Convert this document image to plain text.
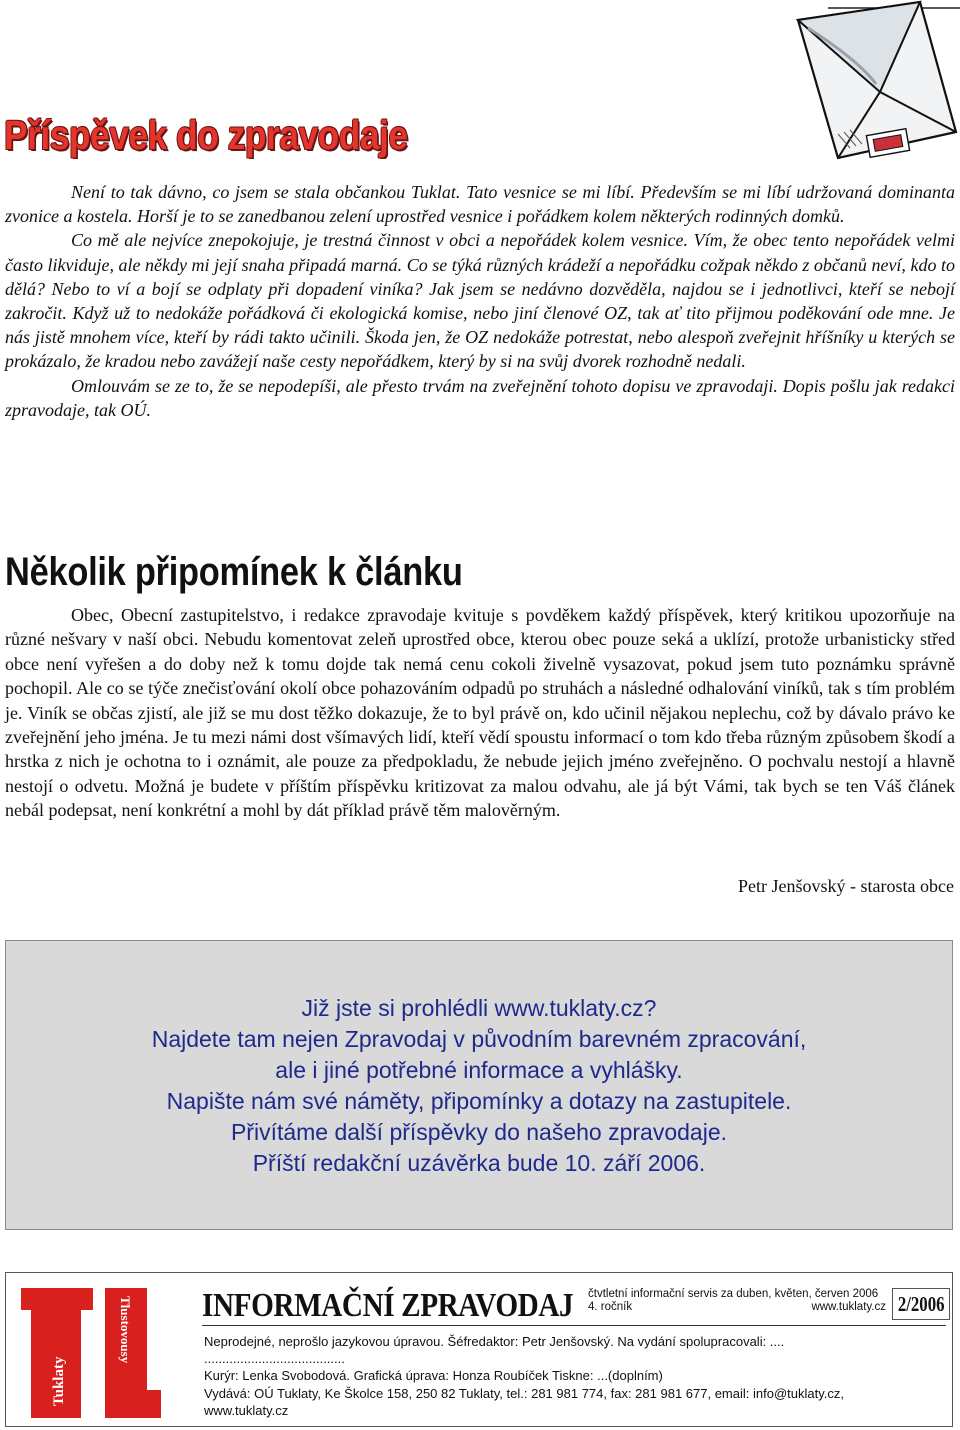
Příspěvek do zpravodaje

Není to tak dávno, co jsem se stala občankou Tuklat. Tato vesnice se mi líbí. Především se mi líbí udržovaná dominanta zvonice a kostela. Horší je to se zanedbanou zelení uprostřed vesnice i pořádkem kolem některých rodinných domků.

Co mě ale nejvíce znepokojuje, je trestná činnost v obci a nepořádek kolem vesnice. Vím, že obec tento nepořádek velmi často likviduje, ale někdy mi její snaha připadá marná. Co se týká různých krádeží a nepořádku cožpak někdo z občanů neví, kdo to dělá? Nebo to ví a bojí se odplaty při dopadení viníka? Jak jsem se nedávno dozvěděla, najdou se i jednotlivci, kteří se nebojí zakročit. Když už to nedokáže pořádková či ekologická komise, nebo jiní členové OZ, tak ať tito přijmou poděkování ode mne. Je nás jistě mnohem více, kteří by rádi takto učinili. Škoda jen, že OZ nedokáže potrestat, nebo alespoň zveřejnit hříšníky u kterých se prokázalo, že kradou nebo zavážejí naše cesty nepořádkem, který by si na svůj dvorek rozhodně nedali.

Omlouvám se ze to, že se nepodepíši, ale přesto trvám na zveřejnění tohoto dopisu ve zpravodaji. Dopis pošlu jak redakci zpravodaje, tak OÚ.

Několik připomínek k článku

Obec, Obecní zastupitelstvo, i redakce zpravodaje kvituje s povděkem každý příspěvek, který kritikou upozorňuje na různé nešvary v naší obci. Nebudu komentovat zeleň uprostřed obce, kterou obec pouze seká a uklízí, protože urbanisticky střed obce není vyřešen a do doby než k tomu dojde tak nemá cenu cokoli živelně vysazovat, pokud jsem tuto poznámku správně pochopil. Ale co se týče znečisťování okolí obce pohazováním odpadů po struhách a následné odhalování viníků, tak s tím problém je. Viník se občas zjistí, ale již se mu dost těžko dokazuje, že to byl právě on, kdo učinil nějakou neplechu, což by dávalo právo ke zveřejnění jeho jména. Je tu mezi námi dost všímavých lidí, kteří vědí spoustu informací o tom kdo třeba různým způsobem škodí a hrstka z nich je ochotna to i oznámit, ale pouze za předpokladu, že nebude jejich jméno zveřejněno. O pochvalu nestojí a hlavně nestojí o odvetu. Možná je budete v příštím příspěvku kritizovat za malou odvahu, ale já být Vámi, tak bych se ten Váš článek nebál podepsat, není konkrétní a mohl by dát příklad právě těm malověrným.

Petr Jenšovský - starosta obce
Již jste si prohlédli www.tuklaty.cz?
Najdete tam nejen Zpravodaj v původním barevném zpracování,
ale i jiné potřebné informace a vyhlášky.
Napište nám své náměty, připomínky a dotazy na zastupitele.
Přivítáme další příspěvky do našeho zpravodaje.
Příští redakční uzávěrka bude 10. září 2006.
Tuklaty
Tlustovousy INFORMAČNÍ ZPRAVODAJ čtvtletní informační servis za duben, květen, červen 2006
4. ročník	www.tuklaty.cz 2/2006
Neprodejné, neprošlo jazykovou úpravou. Šéfredaktor: Petr Jenšovský. Na vydání spolupracovali: ....
.......................................
Kurýr: Lenka Svobodová. Grafická úprava: Honza Roubíček Tiskne: ...(doplním)
Vydává: OÚ Tuklaty, Ke Školce 158, 250 82 Tuklaty, tel.: 281 981 774, fax: 281 981 677, email: info@tuklaty.cz,
www.tuklaty.cz
